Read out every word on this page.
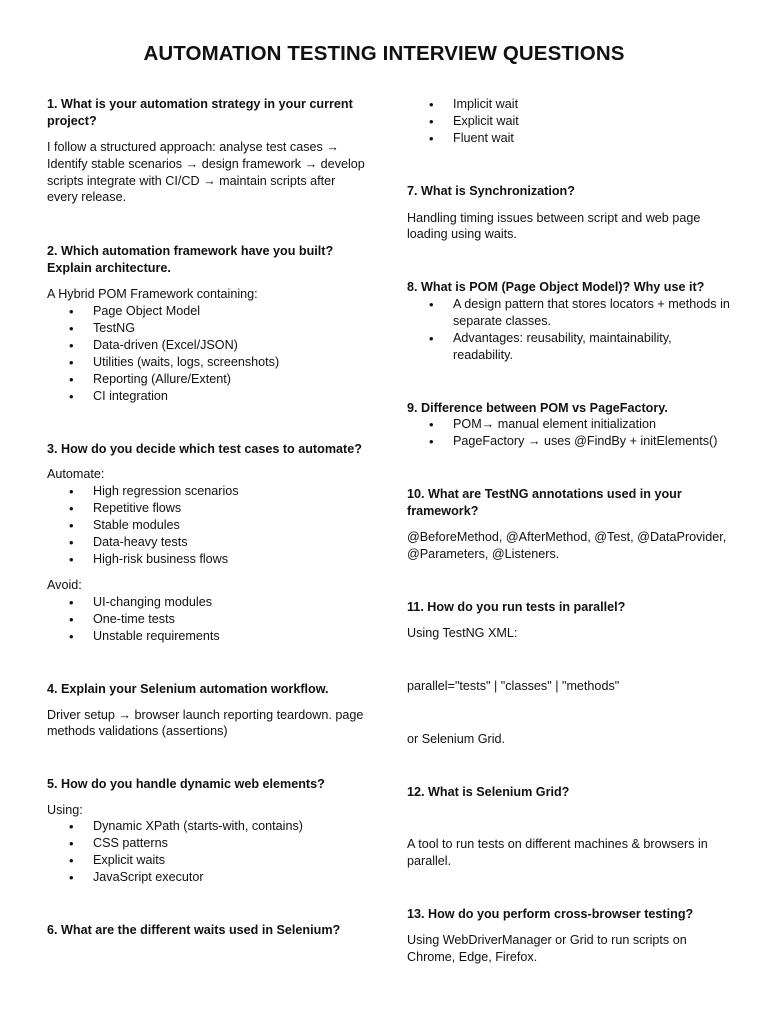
AUTOMATION TESTING INTERVIEW QUESTIONS

1. What is your automation strategy in your current project?

I follow a structured approach: analyse test cases → Identify stable scenarios → design framework → develop scripts integrate with CI/CD → maintain scripts after every release.

2. Which automation framework have you built? Explain architecture.

A Hybrid POM Framework containing:

• Page Object Model
• TestNG
• Data-driven (Excel/JSON)
• Utilities (waits, logs, screenshots)
• Reporting (Allure/Extent)
• CI integration

3. How do you decide which test cases to automate?

Automate:

• High regression scenarios
• Repetitive flows
• Stable modules
• Data-heavy tests
• High-risk business flows

Avoid:

• UI-changing modules
• One-time tests
• Unstable requirements

4. Explain your Selenium automation workflow.

Driver setup → browser launch reporting teardown. page methods validations (assertions)

5. How do you handle dynamic web elements?

Using:

• Dynamic XPath (starts-with, contains)
• CSS patterns
• Explicit waits
• JavaScript executor

6. What are the different waits used in Selenium?

• Implicit wait
• Explicit wait
• Fluent wait

7. What is Synchronization?

Handling timing issues between script and web page loading using waits.

8. What is POM (Page Object Model)? Why use it?

• A design pattern that stores locators + methods in separate classes.
• Advantages: reusability, maintainability, readability.

9. Difference between POM vs PageFactory.

• POM→ manual element initialization
• PageFactory → uses @FindBy + initElements()

10. What are TestNG annotations used in your framework?

@BeforeMethod, @AfterMethod, @Test, @DataProvider, @Parameters, @Listeners.

11. How do you run tests in parallel?

Using TestNG XML:

parallel="tests" | "classes" | "methods"

or Selenium Grid.

12. What is Selenium Grid?

A tool to run tests on different machines & browsers in parallel.

13. How do you perform cross-browser testing?

Using WebDriverManager or Grid to run scripts on Chrome, Edge, Firefox.
